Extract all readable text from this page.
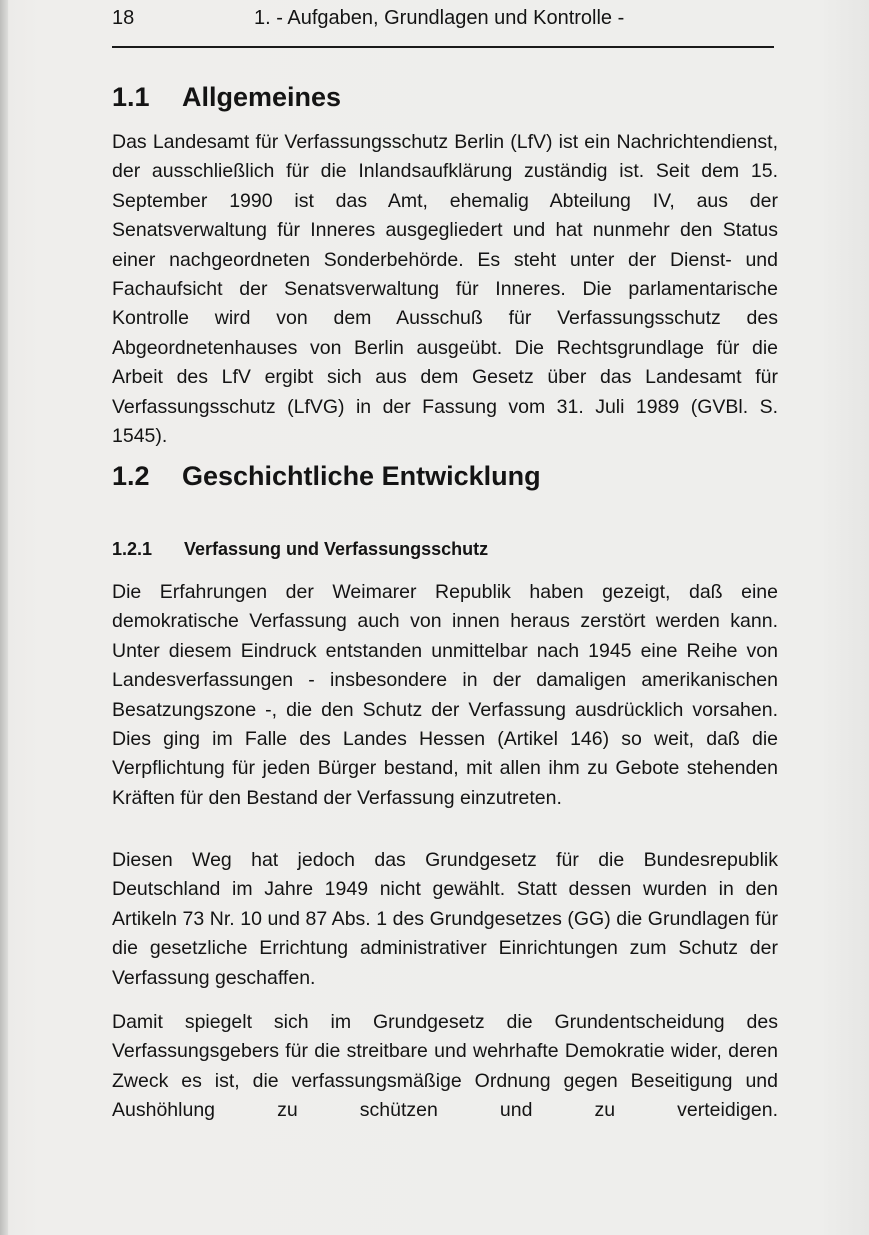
18	1. - Aufgaben, Grundlagen und Kontrolle -
1.1 Allgemeines

Das Landesamt für Verfassungsschutz Berlin (LfV) ist ein Nachrichtendienst, der ausschließlich für die Inlandsaufklärung zuständig ist. Seit dem 15. September 1990 ist das Amt, ehemalig Abteilung IV, aus der Senatsverwaltung für Inneres ausgegliedert und hat nunmehr den Status einer nachgeordneten Sonderbehörde. Es steht unter der Dienst- und Fachaufsicht der Senatsverwaltung für Inneres. Die parlamentarische Kontrolle wird von dem Ausschuß für Verfassungsschutz des Abgeordnetenhauses von Berlin ausgeübt. Die Rechtsgrundlage für die Arbeit des LfV ergibt sich aus dem Gesetz über das Landesamt für Verfassungsschutz (LfVG) in der Fassung vom 31. Juli 1989 (GVBl. S. 1545).

1.2 Geschichtliche Entwicklung
1.2.1 Verfassung und Verfassungsschutz

Die Erfahrungen der Weimarer Republik haben gezeigt, daß eine demokratische Verfassung auch von innen heraus zerstört werden kann. Unter diesem Eindruck entstanden unmittelbar nach 1945 eine Reihe von Landesverfassungen - insbesondere in der damaligen amerikanischen Besatzungszone -, die den Schutz der Verfassung ausdrücklich vorsahen. Dies ging im Falle des Landes Hessen (Artikel 146) so weit, daß die Verpflichtung für jeden Bürger bestand, mit allen ihm zu Gebote stehenden Kräften für den Bestand der Verfassung einzutreten.

Diesen Weg hat jedoch das Grundgesetz für die Bundesrepublik Deutschland im Jahre 1949 nicht gewählt. Statt dessen wurden in den Artikeln 73 Nr. 10 und 87 Abs. 1 des Grundgesetzes (GG) die Grundlagen für die gesetzliche Errichtung administrativer Einrichtungen zum Schutz der Verfassung geschaffen.

Damit spiegelt sich im Grundgesetz die Grundentscheidung des Verfassungsgebers für die streitbare und wehrhafte Demokratie wider, deren Zweck es ist, die verfassungsmäßige Ordnung gegen Beseitigung und Aushöhlung zu schützen und zu verteidigen.
